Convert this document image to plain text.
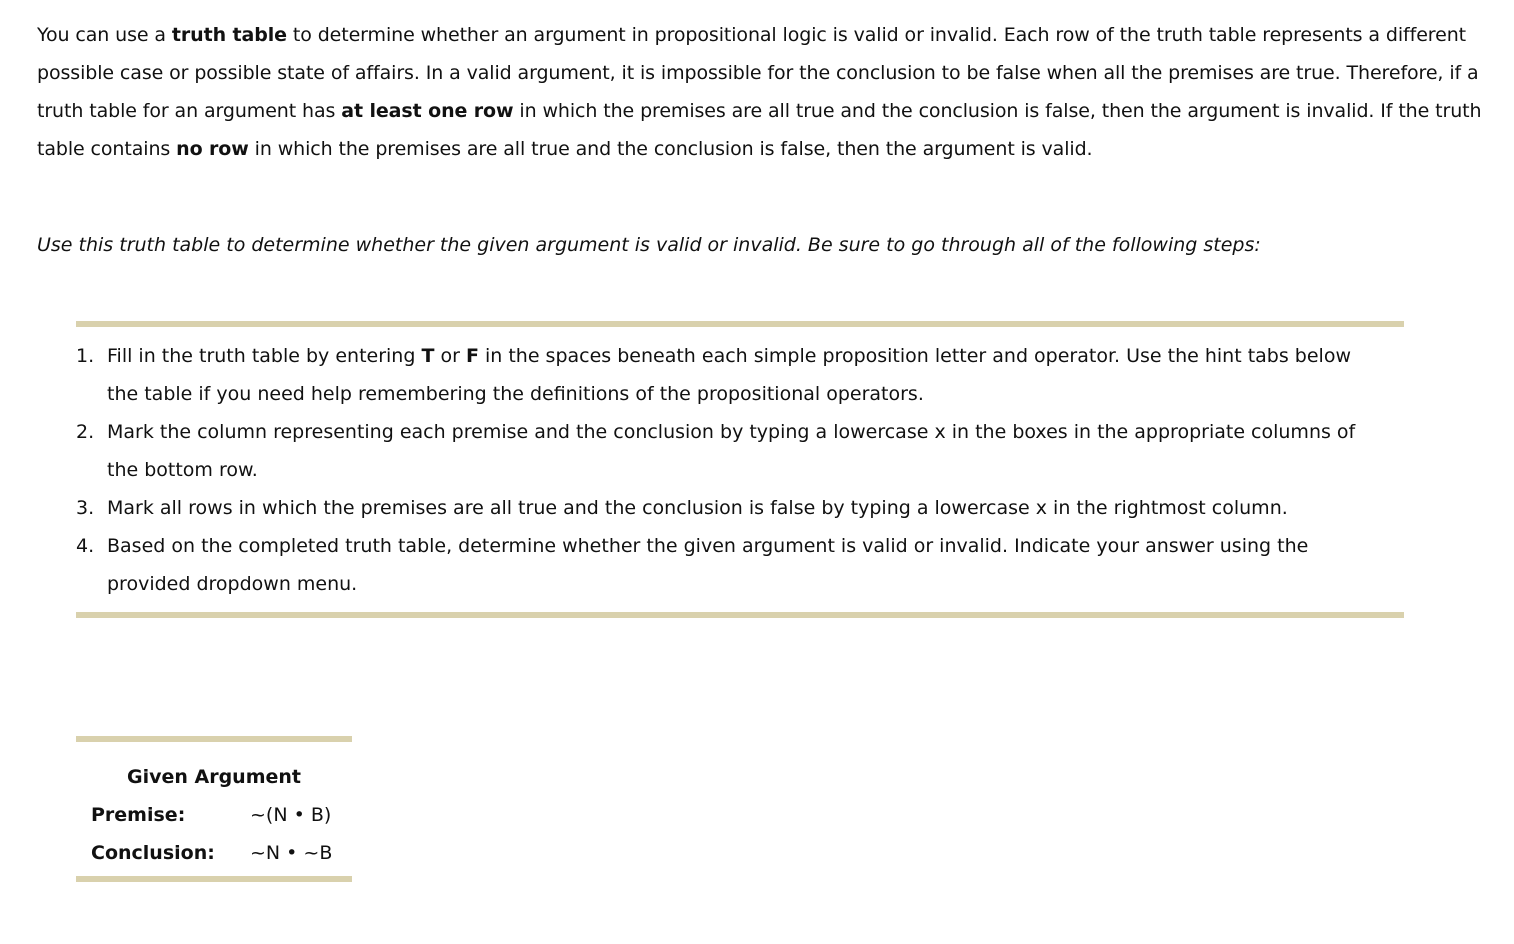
You can use a truth table to determine whether an argument in propositional logic is valid or invalid. Each row of the truth table represents a different possible case or possible state of affairs. In a valid argument, it is impossible for the conclusion to be false when all the premises are true. Therefore, if a truth table for an argument has at least one row in which the premises are all true and the conclusion is false, then the argument is invalid. If the truth table contains no row in which the premises are all true and the conclusion is false, then the argument is valid.

Use this truth table to determine whether the given argument is valid or invalid. Be sure to go through all of the following steps:

1. Fill in the truth table by entering T or F in the spaces beneath each simple proposition letter and operator. Use the hint tabs below the table if you need help remembering the definitions of the propositional operators.
2. Mark the column representing each premise and the conclusion by typing a lowercase x in the boxes in the appropriate columns of the bottom row.
3. Mark all rows in which the premises are all true and the conclusion is false by typing a lowercase x in the rightmost column.
4. Based on the completed truth table, determine whether the given argument is valid or invalid. Indicate your answer using the provided dropdown menu.
Given Argument
Premise:	~(N • B)
Conclusion: ~N • ~B
